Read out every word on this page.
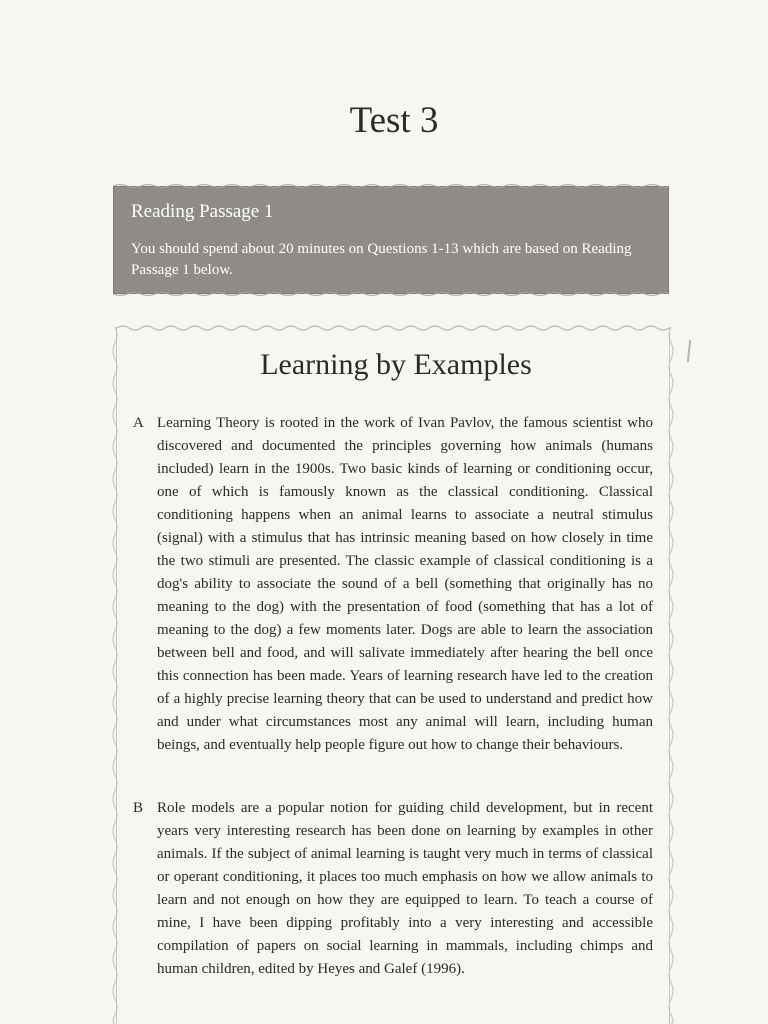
Test 3
Reading Passage 1
You should spend about 20 minutes on Questions 1-13 which are based on Reading Passage 1 below.
Learning by Examples
A Learning Theory is rooted in the work of Ivan Pavlov, the famous scientist who discovered and documented the principles governing how animals (humans included) learn in the 1900s. Two basic kinds of learning or conditioning occur, one of which is famously known as the classical conditioning. Classical conditioning happens when an animal learns to associate a neutral stimulus (signal) with a stimulus that has intrinsic meaning based on how closely in time the two stimuli are presented. The classic example of classical conditioning is a dog's ability to associate the sound of a bell (something that originally has no meaning to the dog) with the presentation of food (something that has a lot of meaning to the dog) a few moments later. Dogs are able to learn the association between bell and food, and will salivate immediately after hearing the bell once this connection has been made. Years of learning research have led to the creation of a highly precise learning theory that can be used to understand and predict how and under what circumstances most any animal will learn, including human beings, and eventually help people figure out how to change their behaviours.
B Role models are a popular notion for guiding child development, but in recent years very interesting research has been done on learning by examples in other animals. If the subject of animal learning is taught very much in terms of classical or operant conditioning, it places too much emphasis on how we allow animals to learn and not enough on how they are equipped to learn. To teach a course of mine, I have been dipping profitably into a very interesting and accessible compilation of papers on social learning in mammals, including chimps and human children, edited by Heyes and Galef (1996).
